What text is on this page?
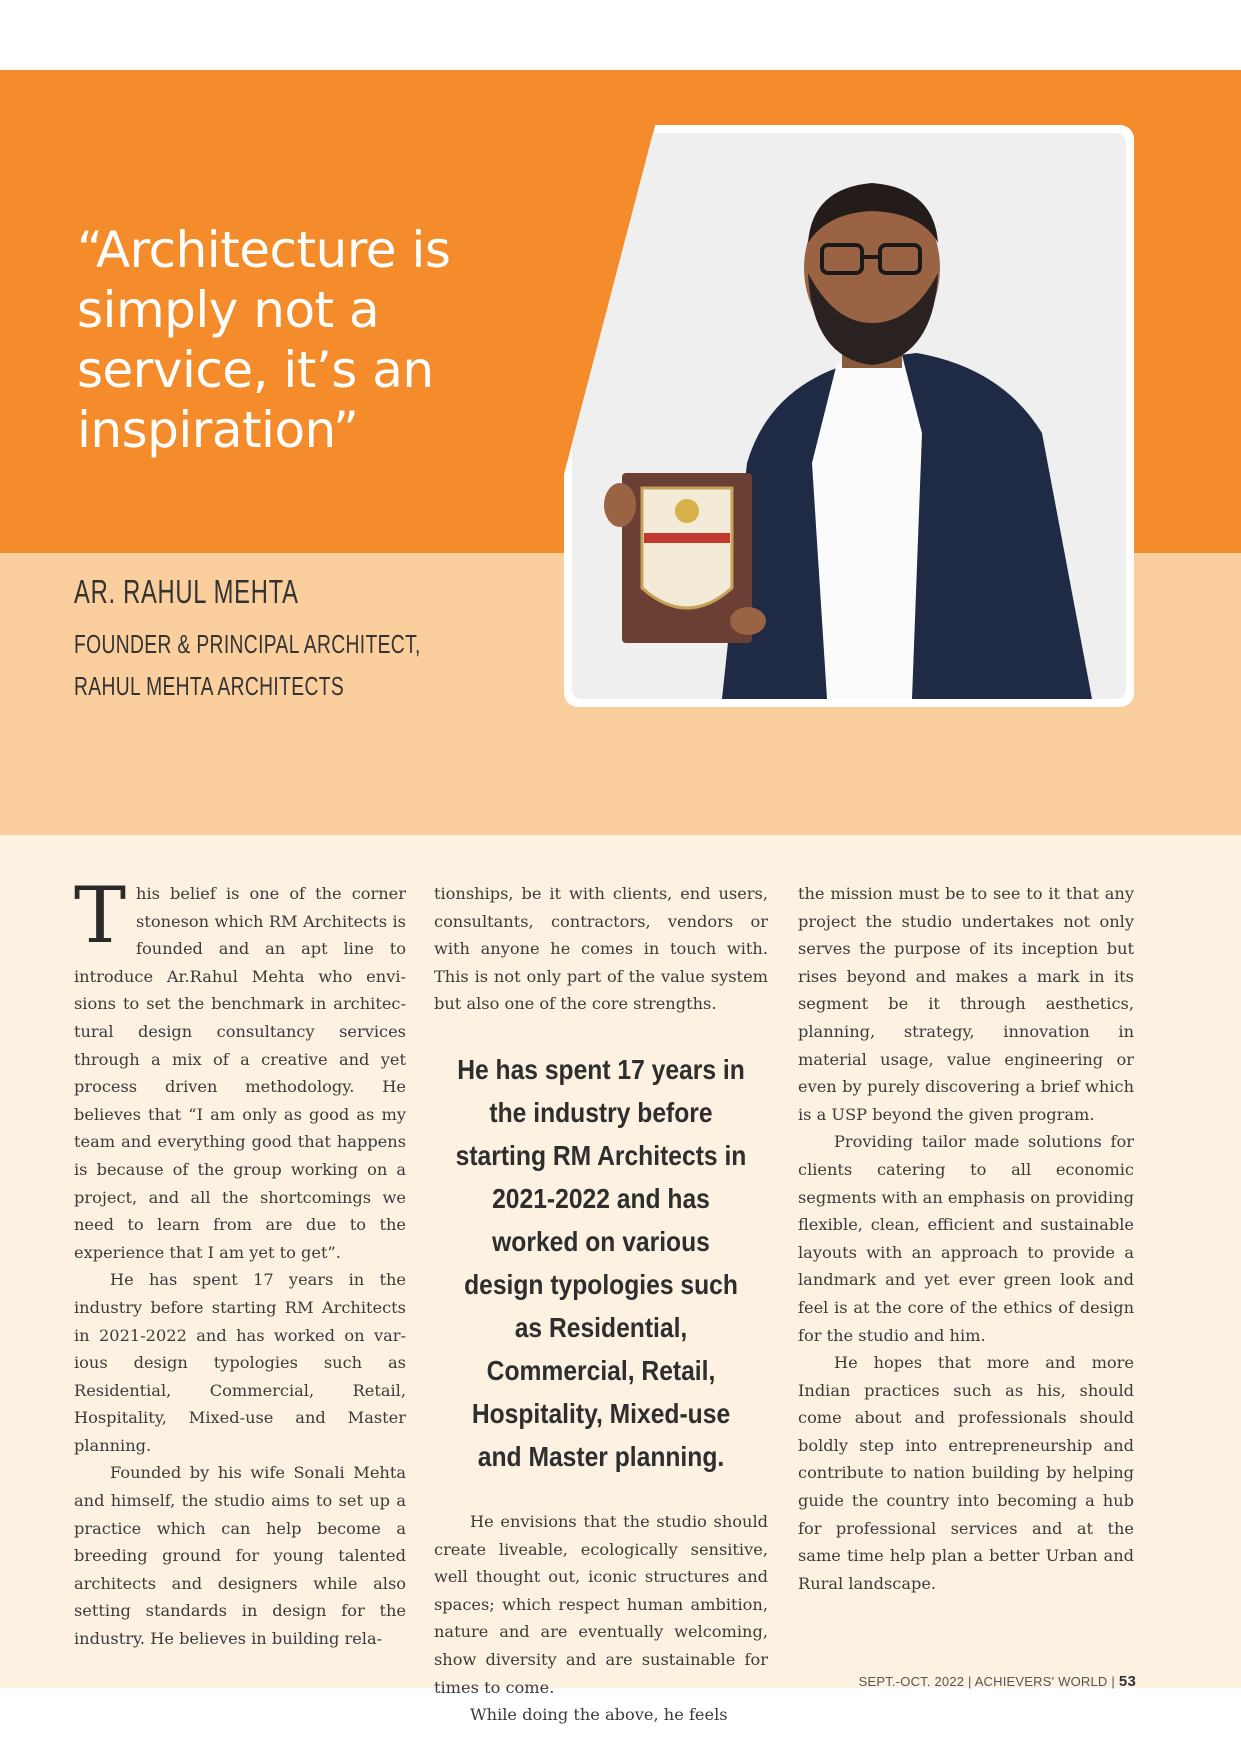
“Architecture is simply not a service, it’s an inspiration”
AR. RAHUL MEHTA
FOUNDER & PRINCIPAL ARCHITECT, RAHUL MEHTA ARCHITECTS

This belief is one of the corner stoneson which RM Architects is founded and an apt line to introduce Ar.Rahul Mehta who envisions to set the benchmark in architectural design consultancy services through a mix of a creative and yet process driven methodology. He believes that “I am only as good as my team and everything good that happens is because of the group working on a project, and all the shortcomings we need to learn from are due to the experience that I am yet to get”.

He has spent 17 years in the industry before starting RM Architects in 2021-2022 and has worked on various design typologies such as Residential, Commercial, Retail, Hospitality, Mixed-use and Master planning.

Founded by his wife Sonali Mehta and himself, the studio aims to set up a practice which can help become a breeding ground for young talented architects and designers while also setting standards in design for the industry. He believes in building rela-

tionships, be it with clients, end users, consultants, contractors, vendors or with anyone he comes in touch with. This is not only part of the value system but also one of the core strengths.

He has spent 17 years in the industry before starting RM Architects in 2021-2022 and has worked on various design typologies such as Residential, Commercial, Retail, Hospitality, Mixed-use and Master planning.

He envisions that the studio should create liveable, ecologically sensitive, well thought out, iconic structures and spaces; which respect human ambition, nature and are eventually welcoming, show diversity and are sustainable for times to come.

While doing the above, he feels

the mission must be to see to it that any project the studio undertakes not only serves the purpose of its inception but rises beyond and makes a mark in its segment be it through aesthetics, planning, strategy, innovation in material usage, value engineering or even by purely discovering a brief which is a USP beyond the given program.

Providing tailor made solutions for clients catering to all economic segments with an emphasis on providing flexible, clean, efficient and sustainable layouts with an approach to provide a landmark and yet ever green look and feel is at the core of the ethics of design for the studio and him.

He hopes that more and more Indian practices such as his, should come about and professionals should boldly step into entrepreneurship and contribute to nation building by helping guide the country into becoming a hub for professional services and at the same time help plan a better Urban and Rural landscape.

SEPT.-OCT. 2022 | ACHIEVERS' WORLD | 53
